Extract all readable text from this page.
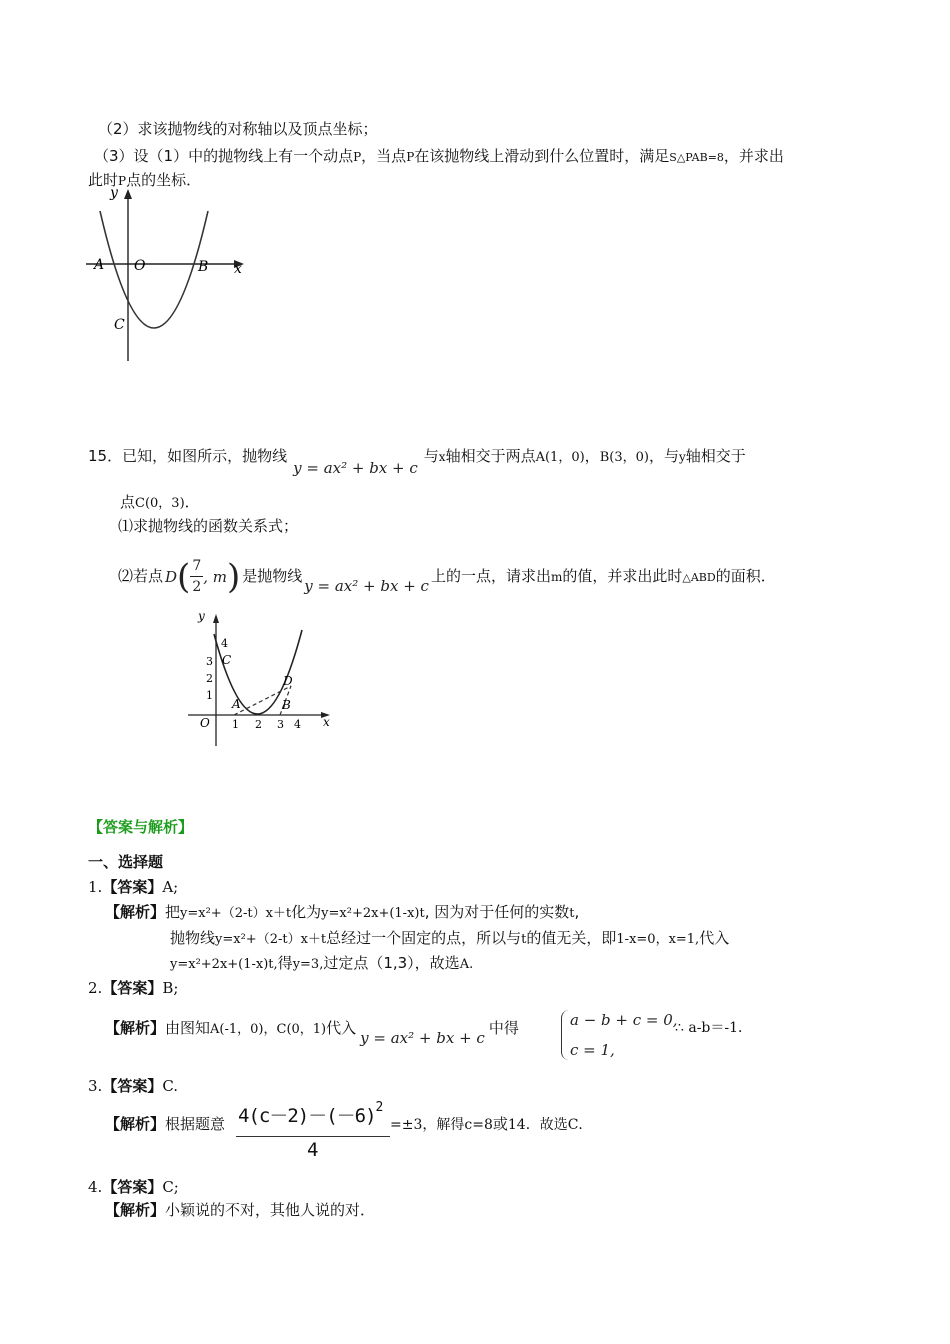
（2）求该抛物线的对称轴以及顶点坐标；
（3）设（1）中的抛物线上有一个动点P，当点P在该抛物线上滑动到什么位置时，满足S△PAB=8，并求出
此时P点的坐标．
y
x
A O	B
C
15．已知，如图所示，抛物线y = ax² + bx + c与x轴相交于两点A(1，0)，B(3，0)，与y轴相交于
点C(0，3)．
⑴求抛物线的函数关系式；
⑵若点 D ( $\frac{7}{2}$ , m ) 是抛物线y = ax² + bx + c上的一点，请求出m的值，并求出此时△ABD的面积．
y
x
O
C
A	B
D
4
3
2
1
1 2 3 4
【答案与解析】
一、选择题
1.【答案】A;
【解析】把y=x²+（2-t）x＋t化为y=x²+2x+(1-x)t, 因为对于任何的实数t,
抛物线y=x²+（2-t）x＋t总经过一个固定的点，所以与t的值无关，即1-x=0，x=1,代入
y=x²+2x+(1-x)t,得y=3,过定点（1,3），故选A.
2.【答案】B;
【解析】由图知A(-1，0)，C(0，1)代入y = ax² + bx + c中得	a − b + c = 0,
c = 1,
∴ a-b＝-1．
3.【答案】C.
【解析】根据题意 $4(c-2)-(-6)^2$
4
=±3，解得c=8或14．故选C．
4.【答案】C;
【解析】小颖说的不对，其他人说的对．
